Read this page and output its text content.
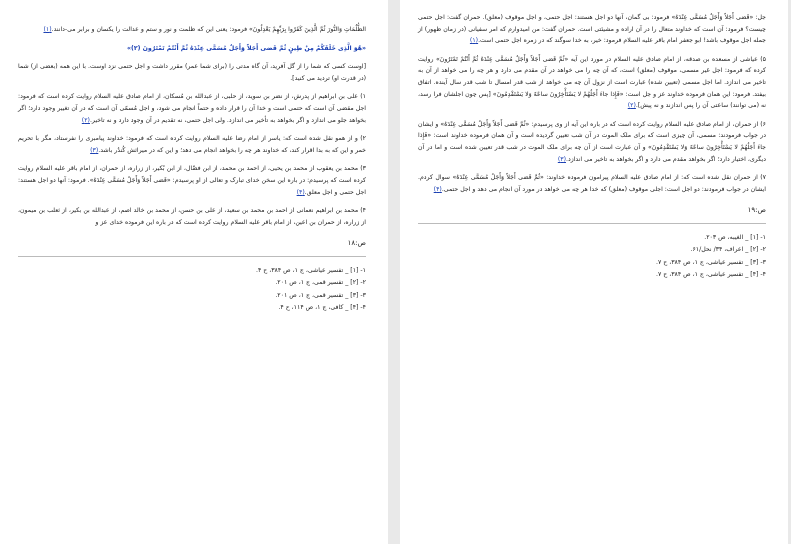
الظُّلُمَاتِ وَالنُّورَ ثُمَّ الَّذِینَ کَفَرُوا بِرَبِّهِمْ یَعْدِلُونَ» فرمود: یعنی این که ظلمت و نور و ستم و عدالت را یکسان و برابر می-دانند.(۱)

«هُوَ الَّذِی خَلَقَکُمْ مِنْ طِینٍ ثُمَّ قَضی أَجَلاً وَأَجَلٌ مُسَمًّی عِنْدَهُ ثُمَّ أَنْتُمْ تَمْتَرُونَ (۲)»

[اوست کسی که شما را از گل آفرید، آن گاه مدتی را (برای شما عمر) مقرر داشت و اجل حتمی نزد اوست. با این همه (بعضی از) شما (در قدرت او) تردید می کنید].

۱) علی بن ابراهیم از پدرش، از نضر بن سوید، از حلبی، از عبدالله بن مُسکان، از امام صادق علیه السلام روایت کرده است که فرمود: اجل مقضی آن است که حتمی است و خدا آن را قرار داده و حتماً انجام می شود، و اجل مُسمّی آن است که در آن تغییر وجود دارد؛ اگر بخواهد جلو می اندازد و اگر بخواهد به تأخیر می اندازد. ولی اجل حتمی، نه تقدیم در آن وجود دارد و نه تاخیر.(۲)

۲) و از همو نقل شده است که: یاسر از امام رضا علیه السلام روایت کرده است که فرمود: خداوند پیامبری را نفرستاد، مگر با تحریم خمر و این که به بدا اقرار کند، که خداوند هر چه را بخواهد انجام می دهد؛ و این که در میراثش کُندُر باشد.(۳)

۳) محمد بن یعقوب از محمد بن یحیی، از احمد بن محمد، از ابن فضّال، از ابن بُکیر، از زراره، از حمران، از امام باقر علیه السلام روایت کرده است که پرسیدم: در باره این سخن خدای تبارک و تعالی از او پرسیدم: «قَضی أَجَلاً وَأَجَلٌ مُسَمًّی عِنْدَهُ». فرمود: آنها دو اجل هستند: اجل حتمی و اجل معلق.(۴)

۴) محمد بن ابراهیم نعمانی از احمد بن محمد بن سعید، از علی بن حسن، از محمد بن خالد اصم، از عبدالله بن بکیر، از ثعلب بن میمون، از زراره، از حمران بن اعین، از امام باقر علیه السلام روایت کرده است که در باره این فرموده خدای عز و

ص:۱۸
۱- [۱] _ تفسیر عیاشی، ج ۱، ص ۳۸۴، ح ۴.
۲- [۲] _ تفسیر قمی، ج ۱، ص ۲۰۱.
۳- [۳] _ تفسیر قمی، ج ۱، ص ۲۰۱.
۴- [۴] _ کافی، ج ۱، ص ۱۱۴، ح ۴.

جل: «قَضی أَجَلاً وَأَجَلٌ مُسَمًّی عِنْدَهُ» فرمود: بی گمان، آنها دو اجل هستند: اجل حتمی، و اجل موقوف (معلق). حمران گفت: اجل حتمی چیست؟ فرمود: آن است که خداوند متعال را در آن اراده و مشیئتی است. حمران گفت: من امیدوارم که امر سفیانی (در زمان ظهور) از جمله اجل موقوف باشد! ابو جعفر امام باقر علیه السلام فرمود: خیر، به خدا سوگند که در زمره اجل حتمی است.(۱)

۵) عیاشی از مسعده بن صدقه، از امام صادق علیه السلام در مورد این آیه «ثُمَّ قَضی أَجَلاً وَأَجَلٌ مُسَمًّی عِنْدَهُ ثُمَّ أَنْتُمْ تَمْتَرُونَ» روایت کرده که فرمود: اجل غیر مسمی، موقوف (معلق) است، که آن چه را می خواهد در آن مقدم می دارد و هر چه را می خواهد از آن به تاخیر می اندازد. اما اجل مسمی (تعیین شده) عبارت است از نزول آن چه می خواهد از شب قدر امسال تا شب قدر سال آینده. اتفاق بیفتد. فرمود: این همان فرموده خداوند عز و جل است: «فَإِذا جاءَ أَجَلُهُمْ لا یَسْتَأْخِرُونَ ساعَهً وَلا یَسْتَقْدِمُونَ» [پس چون اجلشان فرا رسد، نه (می توانند) ساعتی آن را پس اندازند و نه پیش].(۲)

۶) از حمران، از امام صادق علیه السلام روایت کرده است که در باره این آیه از وی پرسیدم: «ثُمَّ قَضی أَجَلاً وَأَجَلٌ مُسَمًّی عِنْدَهُ» و ایشان در جواب فرمودند: مسمی، آن چیزی است که برای ملک الموت در آن شب تعیین گردیده است و آن همان فرموده خداوند است: «فَإِذا جاءَ أَجَلُهُمْ لا یَسْتَأْخِرُونَ ساعَهً وَلا یَسْتَقْدِمُونَ» و آن عبارت است از آن چه برای ملک الموت در شب قدر تعیین شده است و اما در آن دیگری، اختیار دارد؛ اگر بخواهد مقدم می دارد و اگر بخواهد به تاخیر می اندازد.(۳)

۷) از حمران نقل شده است که: از امام صادق علیه السلام پیرامون فرموده خداوند: «ثُمَّ قَضی أَجَلاً وَأَجَلٌ مُسَمًّی عِنْدَهُ» سوال کردم. ایشان در جواب فرمودند: دو اجل است: اجلی موقوف (معلق) که خدا هر چه می خواهد در مورد آن انجام می دهد و اجل حتمی.(۴)

ص:۱۹
۱- [۱] _ الغیبه، ص ۲۰۳.
۲- [۲] _ اعراف، ۳۴/ نحل/۶۱.
۳- [۳] _ تفسیر عیاشی، ج ۱، ص ۳۸۴، ح ۷.
۴- [۴] _ تفسیر عیاشی، ج ۱، ص ۳۸۴، ح ۷.
